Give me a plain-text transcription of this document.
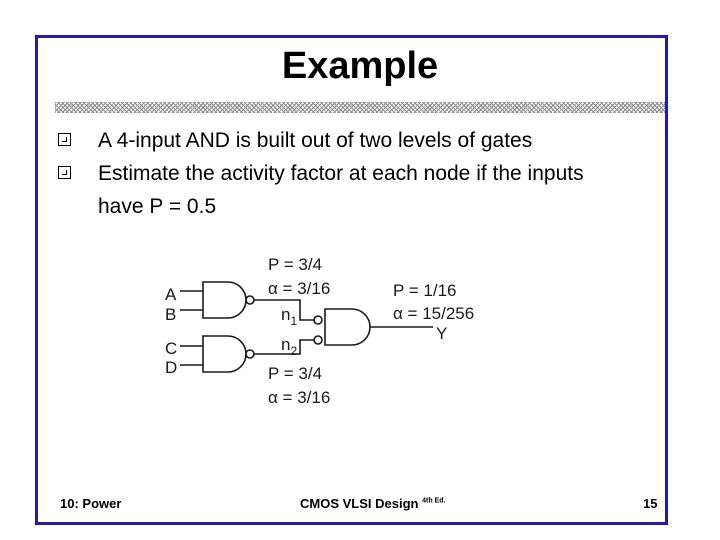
Example
A 4-input AND is built out of two levels of gates
Estimate the activity factor at each node if the inputs
have P = 0.5
A
B
C
D
P = 3/4
α = 3/16
$n_1$
$n_2$
P = 3/4
α = 3/16
P = 1/16
α = 15/256
Y
10: Power	CMOS VLSI Design $^{4th Ed.}$	15
